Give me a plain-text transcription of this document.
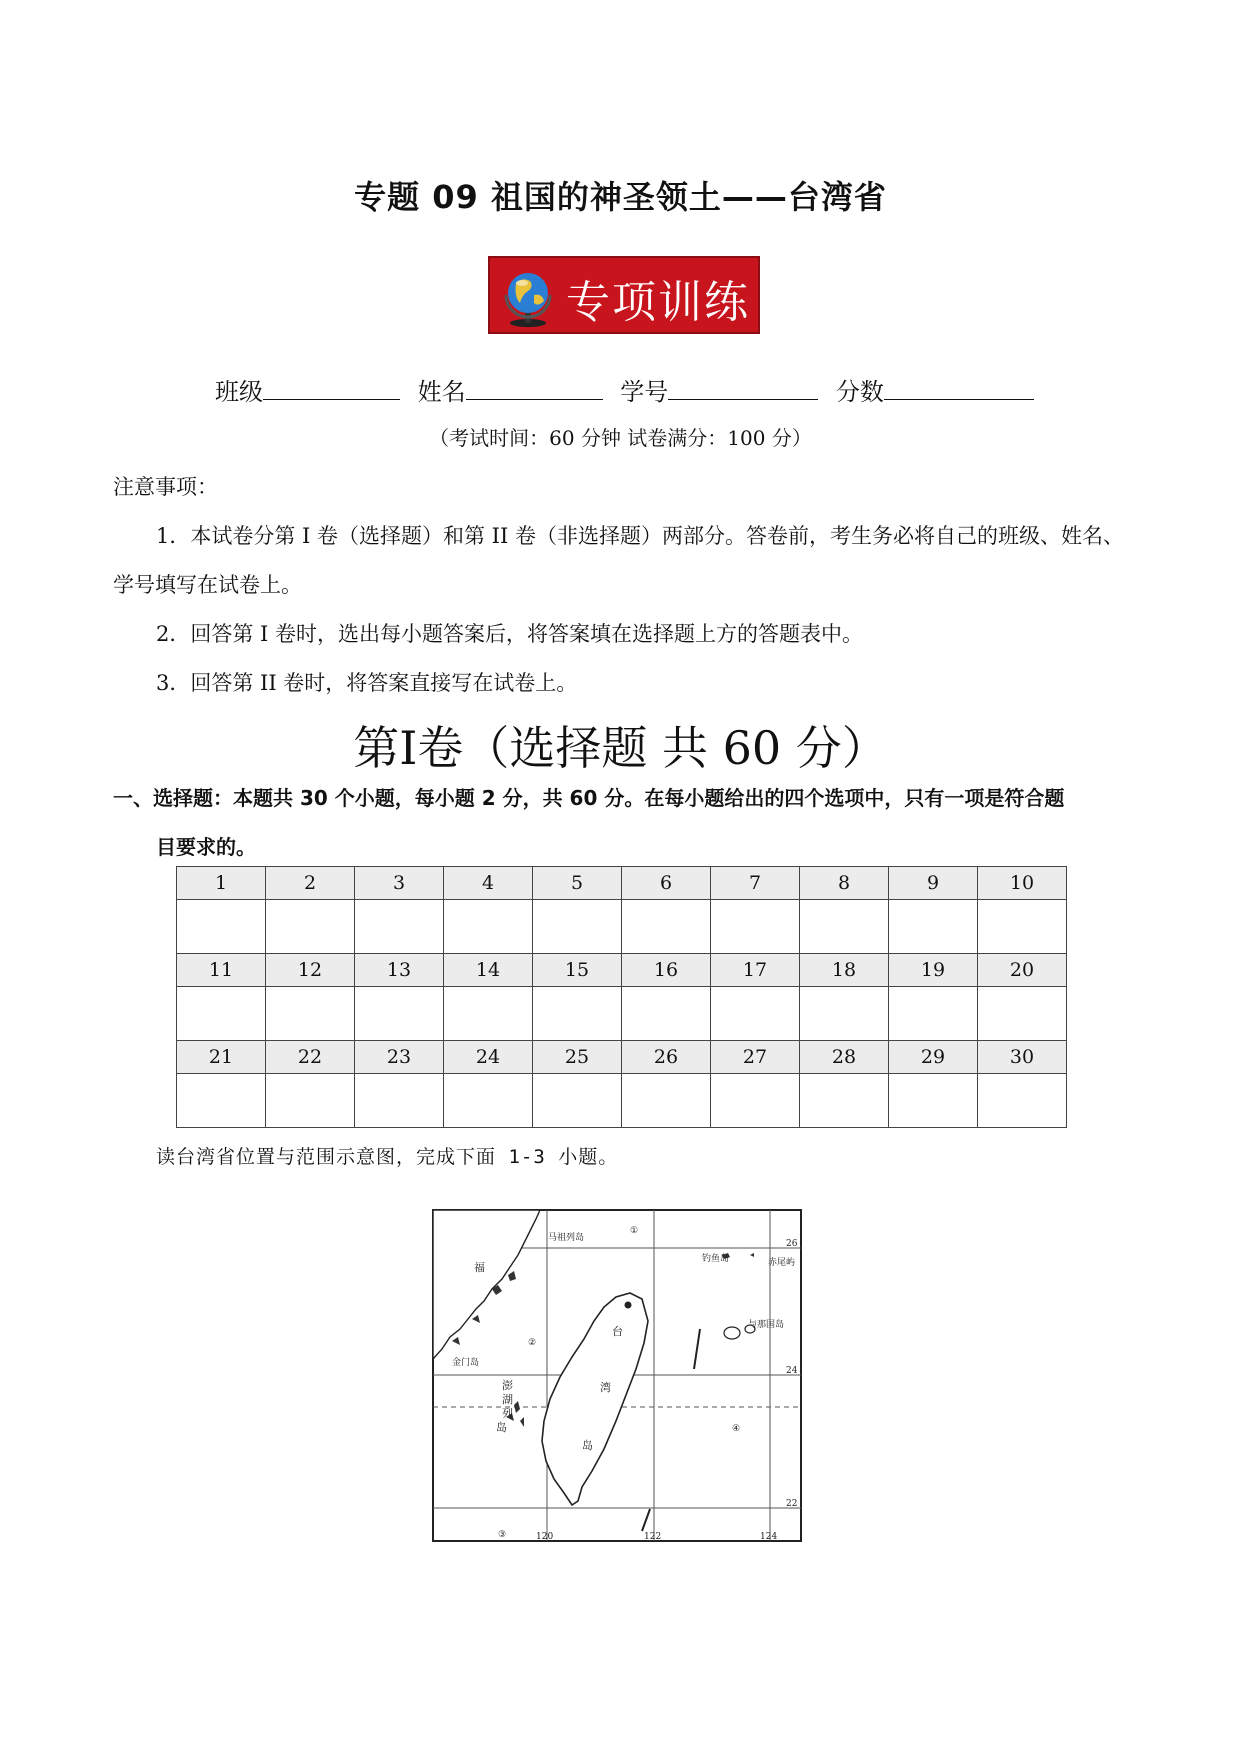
专题 09 祖国的神圣领土——台湾省
专项训练
班级	姓名	学号	分数
（考试时间：60 分钟 试卷满分：100 分）
注意事项：
1．本试卷分第 I 卷（选择题）和第 II 卷（非选择题）两部分。答卷前，考生务必将自己的班级、姓名、
学号填写在试卷上。
2．回答第 I 卷时，选出每小题答案后，将答案填在选择题上方的答题表中。
3．回答第 II 卷时，将答案直接写在试卷上。
第I卷（选择题 共 60 分）
一、选择题：本题共 30 个小题，每小题 2 分，共 60 分。在每小题给出的四个选项中，只有一项是符合题
目要求的。
1	2	3	4	5	6	7	8	9	10

11	12	13	14	15	16	17	18	19	20

21	22	23	24	25	26	27	28	29	30

读台湾省位置与范围示意图，完成下面 1-3 小题。
马祖列岛
福
金门岛
澎
湖
列
岛
钓鱼岛	赤尾屿
与那国岛
台
湾
岛
①
②
③
④
26
24
22
120	122	124
